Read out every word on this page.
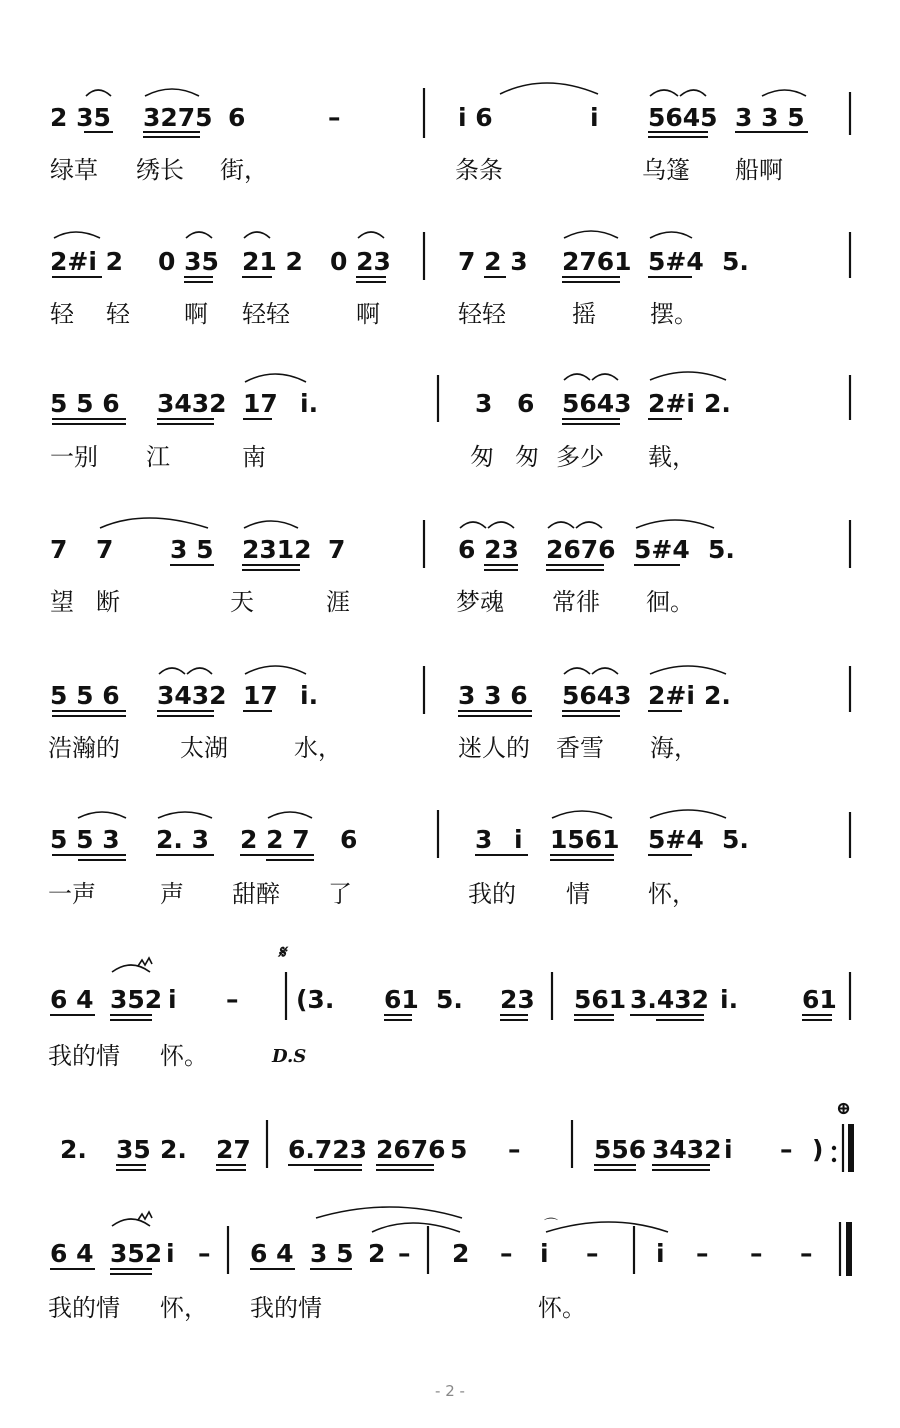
2 35 3275 6	–	i 6	i 5645 3 3 5
绿草 绣长 街，	条条	乌篷 船啊
2#i 2 0 35 21 2 0 23	7 2 3 2761 5#4 5.
轻 轻 啊 轻轻	啊	轻轻	摇 摆。
5 5 6 3432 17 i.	3 6 5643 2#i 2.
一别 江	南	匆 匆 多少 载，
7 7 3 5 2312 7	6 23 2676 5#4 5.
望 断	天	涯	梦魂 常徘 徊。
5 5 6 3432 17 i.	3 3 6 5643 2#i 2.
浩瀚的	太湖	水，	迷人的 香雪 海，
5 5 3 2. 3 2 2 7 6	3 i 1561 5#4 5.
一声	声 甜醉 了	我的 情 怀，
6 4 352 i –
𝄋
(3. 61 5. 23 561 3.432 i.	61
我的情 怀。	D.S
2. 35 2. 27 6.723 2676 5 –	556 3432 i – )
⊕
6 4 352 i – 6 4 3 5 2 – 2 – i – i – – –
⌒
我的情 怀， 我的情	怀。
- 2 -
